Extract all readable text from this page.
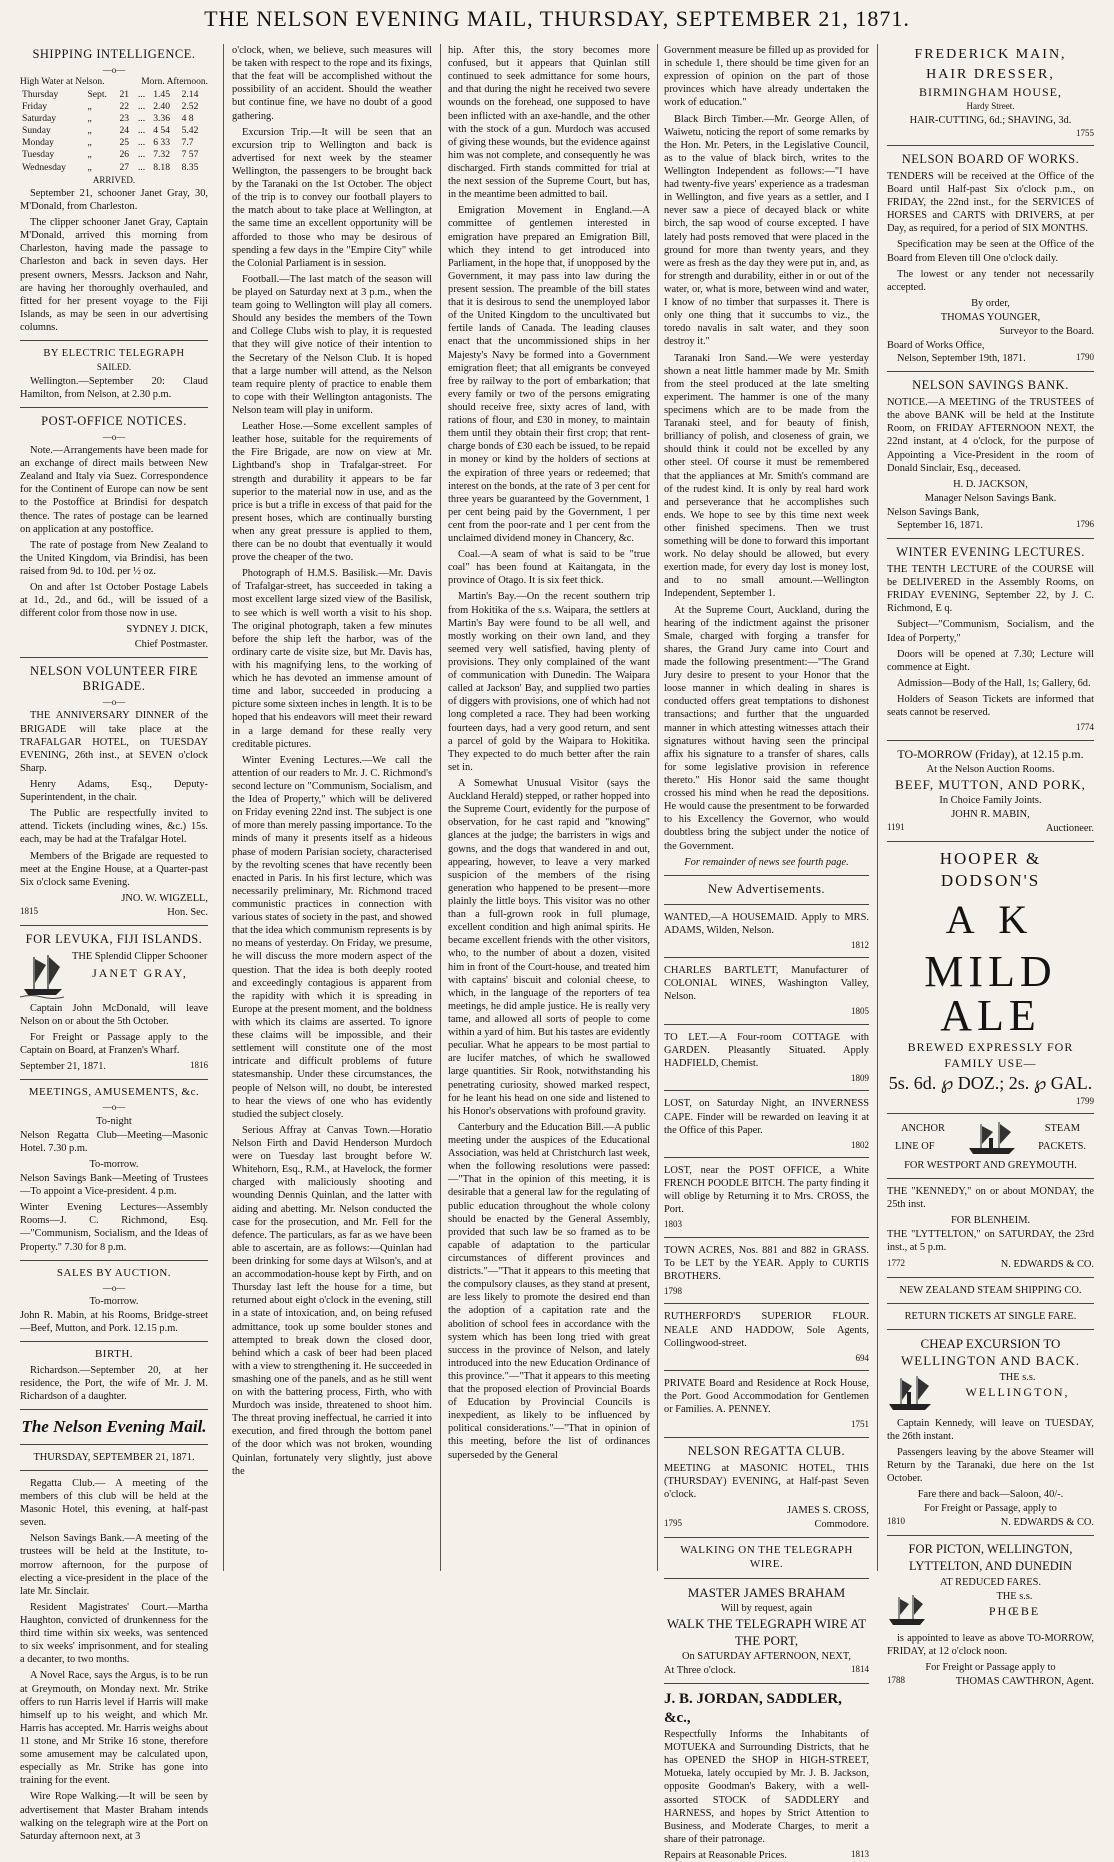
THE NELSON EVENING MAIL, THURSDAY, SEPTEMBER 21, 1871.
SHIPPING INTELLIGENCE.
—o—
High Water at Nelson.	Morn. Afternoon.
Thursday	Sept.	21	...	1.45	2.14
Friday	„	22	...	2.40	2.52
Saturday	„	23	...	3.36	4 8
Sunday	„	24	...	4 54	5.42
Monday	„	25	...	6 33	7.7
Tuesday	„	26	...	7.32	7 57
Wednesday	„	27	...	8.18	8.35
ARRIVED.

September 21, schooner Janet Gray, 30, M'Donald, from Charleston.

The clipper schooner Janet Gray, Captain M'Donald, arrived this morning from Charleston, having made the passage to Charleston and back in seven days. Her present owners, Messrs. Jackson and Nahr, are having her thoroughly overhauled, and fitted for her present voyage to the Fiji Islands, as may be seen in our advertising columns.

BY ELECTRIC TELEGRAPH
SAILED.

Wellington.—September 20: Claud Hamilton, from Nelson, at 2.30 p.m.

POST-OFFICE NOTICES.
—o—

Note.—Arrangements have been made for an exchange of direct mails between New Zealand and Italy via Suez. Correspondence for the Continent of Europe can now be sent to the Postoffice at Brindisi for despatch thence. The rates of postage can be learned on application at any postoffice.

The rate of postage from New Zealand to the United Kingdom, via Brindisi, has been raised from 9d. to 10d. per ½ oz.

On and after 1st October Postage Labels at 1d., 2d., and 6d., will be issued of a different color from those now in use.

SYDNEY J. DICK,
Chief Postmaster.
NELSON VOLUNTEER FIRE BRIGADE.
—o—

THE ANNIVERSARY DINNER of the BRIGADE will take place at the TRAFALGAR HOTEL, on TUESDAY EVENING, 26th inst., at SEVEN o'clock Sharp.

Henry Adams, Esq., Deputy-Superintendent, in the chair.

The Public are respectfully invited to attend. Tickets (including wines, &c.) 15s. each, may be had at the Trafalgar Hotel.

Members of the Brigade are requested to meet at the Engine House, at a Quarter-past Six o'clock same Evening.

JNO. W. WIGZELL,
1815	Hon. Sec.
FOR LEVUKA, FIJI ISLANDS.

THE Splendid Clipper Schooner

JANET GRAY,

Captain John McDonald, will leave Nelson on or about the 5th October.

For Freight or Passage apply to the Captain on Board, at Franzen's Wharf.

September 21, 1871.	1816
MEETINGS, AMUSEMENTS, &c.
—o—
To-night

Nelson Regatta Club—Meeting—Masonic Hotel. 7.30 p.m.

To-morrow.

Nelson Savings Bank—Meeting of Trustees—To appoint a Vice-president. 4 p.m.

Winter Evening Lectures—Assembly Rooms—J. C. Richmond, Esq.—"Communism, Socialism, and the Ideas of Property." 7.30 for 8 p.m.

SALES BY AUCTION.
—o—
To-morrow.

John R. Mabin, at his Rooms, Bridge-street—Beef, Mutton, and Pork. 12.15 p.m.

BIRTH.

Richardson.—September 20, at her residence, the Port, the wife of Mr. J. M. Richardson of a daughter.

The Nelson Evening Mail.
THURSDAY, SEPTEMBER 21, 1871.

Regatta Club.— A meeting of the members of this club will be held at the Masonic Hotel, this evening, at half-past seven.

Nelson Savings Bank.—A meeting of the trustees will be held at the Institute, to-morrow afternoon, for the purpose of electing a vice-president in the place of the late Mr. Sinclair.

Resident Magistrates' Court.—Martha Haughton, convicted of drunkenness for the third time within six weeks, was sentenced to six weeks' imprisonment, and for stealing a decanter, to two months.

A Novel Race, says the Argus, is to be run at Greymouth, on Monday next. Mr. Strike offers to run Harris level if Harris will make himself up to his weight, and which Mr. Harris has accepted. Mr. Harris weighs about 11 stone, and Mr Strike 16 stone, therefore some amusement may be calculated upon, especially as Mr. Strike has gone into training for the event.

Wire Rope Walking.—It will be seen by advertisement that Master Braham intends walking on the telegraph wire at the Port on Saturday afternoon next, at 3

o'clock, when, we believe, such measures will be taken with respect to the rope and its fixings, that the feat will be accomplished without the possibility of an accident. Should the weather but continue fine, we have no doubt of a good gathering.

Excursion Trip.—It will be seen that an excursion trip to Wellington and back is advertised for next week by the steamer Wellington, the passengers to be brought back by the Taranaki on the 1st October. The object of the trip is to convey our football players to the match about to take place at Wellington, at the same time an excellent opportunity will be afforded to those who may be desirous of spending a few days in the "Empire City" while the Colonial Parliament is in session.

Football.—The last match of the season will be played on Saturday next at 3 p.m., when the team going to Wellington will play all comers. Should any besides the members of the Town and College Clubs wish to play, it is requested that they will give notice of their intention to the Secretary of the Nelson Club. It is hoped that a large number will attend, as the Nelson team require plenty of practice to enable them to cope with their Wellington antagonists. The Nelson team will play in uniform.

Leather Hose.—Some excellent samples of leather hose, suitable for the requirements of the Fire Brigade, are now on view at Mr. Lightband's shop in Trafalgar-street. For strength and durability it appears to be far superior to the material now in use, and as the price is but a trifle in excess of that paid for the present hoses, which are continually bursting when any great pressure is applied to them, there can be no doubt that eventually it would prove the cheaper of the two.

Photograph of H.M.S. Basilisk.—Mr. Davis of Trafalgar-street, has succeeded in taking a most excellent large sized view of the Basilisk, to see which is well worth a visit to his shop. The original photograph, taken a few minutes before the ship left the harbor, was of the ordinary carte de visite size, but Mr. Davis has, with his magnifying lens, to the working of which he has devoted an immense amount of time and labor, succeeded in producing a picture some sixteen inches in length. It is to be hoped that his endeavors will meet their reward in a large demand for these really very creditable pictures.

Winter Evening Lectures.—We call the attention of our readers to Mr. J. C. Richmond's second lecture on "Communism, Socialism, and the Idea of Property," which will be delivered on Friday evening 22nd inst. The subject is one of more than merely passing importance. To the minds of many it presents itself as a hideous phase of modern Parisian society, characterised by the revolting scenes that have recently been enacted in Paris. In his first lecture, which was necessarily preliminary, Mr. Richmond traced communistic practices in connection with various states of society in the past, and showed that the idea which communism represents is by no means of yesterday. On Friday, we presume, he will discuss the more modern aspect of the question. That the idea is both deeply rooted and exceedingly contagious is apparent from the rapidity with which it is spreading in Europe at the present moment, and the boldness with which its claims are asserted. To ignore these claims will be impossible, and their settlement will constitute one of the most intricate and difficult problems of future statesmanship. Under these circumstances, the people of Nelson will, no doubt, be interested to hear the views of one who has evidently studied the subject closely.

Serious Affray at Canvas Town.—Horatio Nelson Firth and David Henderson Murdoch were on Tuesday last brought before W. Whitehorn, Esq., R.M., at Havelock, the former charged with maliciously shooting and wounding Dennis Quinlan, and the latter with aiding and abetting. Mr. Nelson conducted the case for the prosecution, and Mr. Fell for the defence. The particulars, as far as we have been able to ascertain, are as follows:—Quinlan had been drinking for some days at Wilson's, and at an accommodation-house kept by Firth, and on Thursday last left the house for a time, but returned about eight o'clock in the evening, still in a state of intoxication, and, on being refused admittance, took up some boulder stones and attempted to break down the closed door, behind which a cask of beer had been placed with a view to strengthening it. He succeeded in smashing one of the panels, and as he still went on with the battering process, Firth, who with Murdoch was inside, threatened to shoot him. The threat proving ineffectual, he carried it into execution, and fired through the bottom panel of the door which was not broken, wounding Quinlan, fortunately very slightly, just above the

hip. After this, the story becomes more confused, but it appears that Quinlan still continued to seek admittance for some hours, and that during the night he received two severe wounds on the forehead, one supposed to have been inflicted with an axe-handle, and the other with the stock of a gun. Murdoch was accused of giving these wounds, but the evidence against him was not complete, and consequently he was discharged. Firth stands committed for trial at the next session of the Supreme Court, but has, in the meantime been admitted to bail.

Emigration Movement in England.—A committee of gentlemen interested in emigration have prepared an Emigration Bill, which they intend to get introduced into Parliament, in the hope that, if unopposed by the Government, it may pass into law during the present session. The preamble of the bill states that it is desirous to send the unemployed labor of the United Kingdom to the uncultivated but fertile lands of Canada. The leading clauses enact that the uncommissioned ships in her Majesty's Navy be formed into a Government emigration fleet; that all emigrants be conveyed free by railway to the port of embarkation; that every family or two of the persons emigrating should receive free, sixty acres of land, with rations of flour, and £30 in money, to maintain them until they obtain their first crop; that rent-charge bonds of £30 each be issued, to be repaid in money or kind by the holders of sections at the expiration of three years or redeemed; that interest on the bonds, at the rate of 3 per cent for three years be guaranteed by the Government, 1 per cent being paid by the Government, 1 per cent from the poor-rate and 1 per cent from the unclaimed dividend money in Chancery, &c.

Coal.—A seam of what is said to be "true coal" has been found at Kaitangata, in the province of Otago. It is six feet thick.

Martin's Bay.—On the recent southern trip from Hokitika of the s.s. Waipara, the settlers at Martin's Bay were found to be all well, and mostly working on their own land, and they seemed very well satisfied, having plenty of provisions. They only complained of the want of communication with Dunedin. The Waipara called at Jackson' Bay, and supplied two parties of diggers with provisions, one of which had not long completed a race. They had been working fourteen days, had a very good return, and sent a parcel of gold by the Waipara to Hokitika. They expected to do much better after the rain set in.

A Somewhat Unusual Visitor (says the Auckland Herald) stepped, or rather hopped into the Supreme Court, evidently for the purpose of observation, for he cast rapid and "knowing" glances at the judge; the barristers in wigs and gowns, and the dogs that wandered in and out, appearing, however, to leave a very marked suspicion of the members of the rising generation who happened to be present—more plainly the little boys. This visitor was no other than a full-grown rook in full plumage, excellent condition and high animal spirits. He became excellent friends with the other visitors, who, to the number of about a dozen, visited him in front of the Court-house, and treated him with captains' biscuit and colonial cheese, to which, in the language of the reporters of tea meetings, he did ample justice. He is really very tame, and allowed all sorts of people to come within a yard of him. But his tastes are evidently peculiar. What he appears to be most partial to are lucifer matches, of which he swallowed large quantities. Sir Rook, notwithstanding his penetrating curiosity, showed marked respect, for he leant his head on one side and listened to his Honor's observations with profound gravity.

Canterbury and the Education Bill.—A public meeting under the auspices of the Educational Association, was held at Christchurch last week, when the following resolutions were passed:—"That in the opinion of this meeting, it is desirable that a general law for the regulating of public education throughout the whole colony should be enacted by the General Assembly, provided that such law be so framed as to be capable of adaptation to the particular circumstances of different provinces and districts."—"That it appears to this meeting that the compulsory clauses, as they stand at present, are less likely to promote the desired end than the adoption of a capitation rate and the abolition of school fees in accordance with the system which has been long tried with great success in the province of Nelson, and lately introduced into the new Education Ordinance of this province."—"That it appears to this meeting that the proposed election of Provincial Boards of Education by Provincial Councils is inexpedient, as likely to be influenced by political considerations."—"That in opinion of this meeting, before the list of ordinances superseded by the General

Government measure be filled up as provided for in schedule 1, there should be time given for an expression of opinion on the part of those provinces which have already undertaken the work of education."

Black Birch Timber.—Mr. George Allen, of Waiwetu, noticing the report of some remarks by the Hon. Mr. Peters, in the Legislative Council, as to the value of black birch, writes to the Wellington Independent as follows:—"I have had twenty-five years' experience as a tradesman in Wellington, and five years as a settler, and I never saw a piece of decayed black or white birch, the sap wood of course excepted. I have lately had posts removed that were placed in the ground for more than twenty years, and they were as fresh as the day they were put in, and, as for strength and durability, either in or out of the water, or, what is more, between wind and water, I know of no timber that surpasses it. There is only one thing that it succumbs to viz., the toredo navalis in salt water, and they soon destroy it."

Taranaki Iron Sand.—We were yesterday shown a neat little hammer made by Mr. Smith from the steel produced at the late smelting experiment. The hammer is one of the many specimens which are to be made from the Taranaki steel, and for beauty of finish, brilliancy of polish, and closeness of grain, we should think it could not be excelled by any other steel. Of course it must be remembered that the appliances at Mr. Smith's command are of the rudest kind. It is only by real hard work and perseverance that he accomplishes such ends. We hope to see by this time next week other finished specimens. Then we trust something will be done to forward this important work. No delay should be allowed, but every exertion made, for every day lost is money lost, and to no small amount.—Wellington Independent, September 1.

At the Supreme Court, Auckland, during the hearing of the indictment against the prisoner Smale, charged with forging a transfer for shares, the Grand Jury came into Court and made the following presentment:—"The Grand Jury desire to present to your Honor that the loose manner in which dealing in shares is conducted offers great temptations to dishonest transactions; and further that the unguarded manner in which attesting witnesses attach their signatures without having seen the principal affix his signature to a transfer of shares, calls for some legislative provision in reference thereto." His Honor said the same thought crossed his mind when he read the depositions. He would cause the presentment to be forwarded to his Excellency the Governor, who would doubtless bring the subject under the notice of the Government.

For remainder of news see fourth page.
New Advertisements.

WANTED,—A HOUSEMAID. Apply to MRS. ADAMS, Wilden, Nelson.

1812

CHARLES BARTLETT, Manufacturer of COLONIAL WINES, Washington Valley, Nelson.

1805

TO LET.—A Four-room COTTAGE with GARDEN. Pleasantly Situated. Apply HADFIELD, Chemist.

1809

LOST, on Saturday Night, an INVERNESS CAPE. Finder will be rewarded on leaving it at the Office of this Paper.

1802

LOST, near the POST OFFICE, a White FRENCH POODLE BITCH. The party finding it will oblige by Returning it to Mrs. CROSS, the Port.

1803

TOWN ACRES, Nos. 881 and 882 in GRASS. To be LET by the YEAR. Apply to CURTIS BROTHERS.

1798

RUTHERFORD'S SUPERIOR FLOUR. NEALE AND HADDOW, Sole Agents, Collingwood-street.

694

PRIVATE Board and Residence at Rock House, the Port. Good Accommodation for Gentlemen or Families. A. PENNEY.

1751
NELSON REGATTA CLUB.

MEETING at MASONIC HOTEL, THIS (THURSDAY) EVENING, at Half-past Seven o'clock.

JAMES S. CROSS,
1795	Commodore.
WALKING ON THE TELEGRAPH WIRE.
MASTER JAMES BRAHAM
Will by request, again
WALK THE TELEGRAPH WIRE AT THE PORT,
On SATURDAY AFTERNOON, NEXT,
At Three o'clock.	1814
J. B. JORDAN, SADDLER, &c.,

Respectfully Informs the Inhabitants of MOTUEKA and Surrounding Districts, that he has OPENED the SHOP in HIGH-STREET, Motueka, lately occupied by Mr. J. B. Jackson, opposite Goodman's Bakery, with a well-assorted STOCK of SADDLERY and HARNESS, and hopes by Strict Attention to Business, and Moderate Charges, to merit a share of their patronage.

Repairs at Reasonable Prices.	1813
FREDERICK MAIN,
HAIR DRESSER,
BIRMINGHAM HOUSE,
Hardy Street.
HAIR-CUTTING, 6d.; SHAVING, 3d.
1755
NELSON BOARD OF WORKS.

TENDERS will be received at the Office of the Board until Half-past Six o'clock p.m., on FRIDAY, the 22nd inst., for the SERVICES of HORSES and CARTS with DRIVERS, at per Day, as required, for a period of SIX MONTHS.

Specification may be seen at the Office of the Board from Eleven till One o'clock daily.

The lowest or any tender not necessarily accepted.

By order,
THOMAS YOUNGER,
Surveyor to the Board.
Board of Works Office,
Nelson, September 19th, 1871.	1790
NELSON SAVINGS BANK.

NOTICE.—A MEETING of the TRUSTEES of the above BANK will be held at the Institute Room, on FRIDAY AFTERNOON NEXT, the 22nd instant, at 4 o'clock, for the purpose of Appointing a Vice-President in the room of Donald Sinclair, Esq., deceased.

H. D. JACKSON,
Manager Nelson Savings Bank.
Nelson Savings Bank,
September 16, 1871.	1796
WINTER EVENING LECTURES.

THE TENTH LECTURE of the COURSE will be DELIVERED in the Assembly Rooms, on FRIDAY EVENING, September 22, by J. C. Richmond, E q.

Subject—"Communism, Socialism, and the Idea of Porperty,"

Doors will be opened at 7.30; Lecture will commence at Eight.

Admission—Body of the Hall, 1s; Gallery, 6d.

Holders of Season Tickets are informed that seats cannot be reserved.

1774
TO-MORROW (Friday), at 12.15 p.m.
At the Nelson Auction Rooms.
BEEF, MUTTON, AND PORK,
In Choice Family Joints.
JOHN R. MABIN,
1191	Auctioneer.
HOOPER & DODSON'S
A K
MILD ALE
BREWED EXPRESSLY FOR
FAMILY USE—
5s. 6d. ℘ DOZ.; 2s. ℘ GAL.
1799
ANCHOR	STEAM
LINE OF	PACKETS.
FOR WESTPORT AND GREYMOUTH.

THE "KENNEDY," on or about MONDAY, the 25th inst.

FOR BLENHEIM.

THE "LYTTELTON," on SATURDAY, the 23rd inst., at 5 p.m.

1772	N. EDWARDS & CO.
NEW ZEALAND STEAM SHIPPING CO.
RETURN TICKETS AT SINGLE FARE.
CHEAP EXCURSION TO
WELLINGTON AND BACK.
THE s.s.
WELLINGTON,

Captain Kennedy, will leave on TUESDAY, the 26th instant.

Passengers leaving by the above Steamer will Return by the Taranaki, due here on the 1st October.

Fare there and back—Saloon, 40/-.
For Freight or Passage, apply to
1810	N. EDWARDS & CO.
FOR PICTON, WELLINGTON,
LYTTELTON, AND DUNEDIN
AT REDUCED FARES.
THE s.s.
PHŒBE

is appointed to leave as above TO-MORROW, FRIDAY, at 12 o'clock noon.

For Freight or Passage apply to
1788	THOMAS CAWTHRON, Agent.
